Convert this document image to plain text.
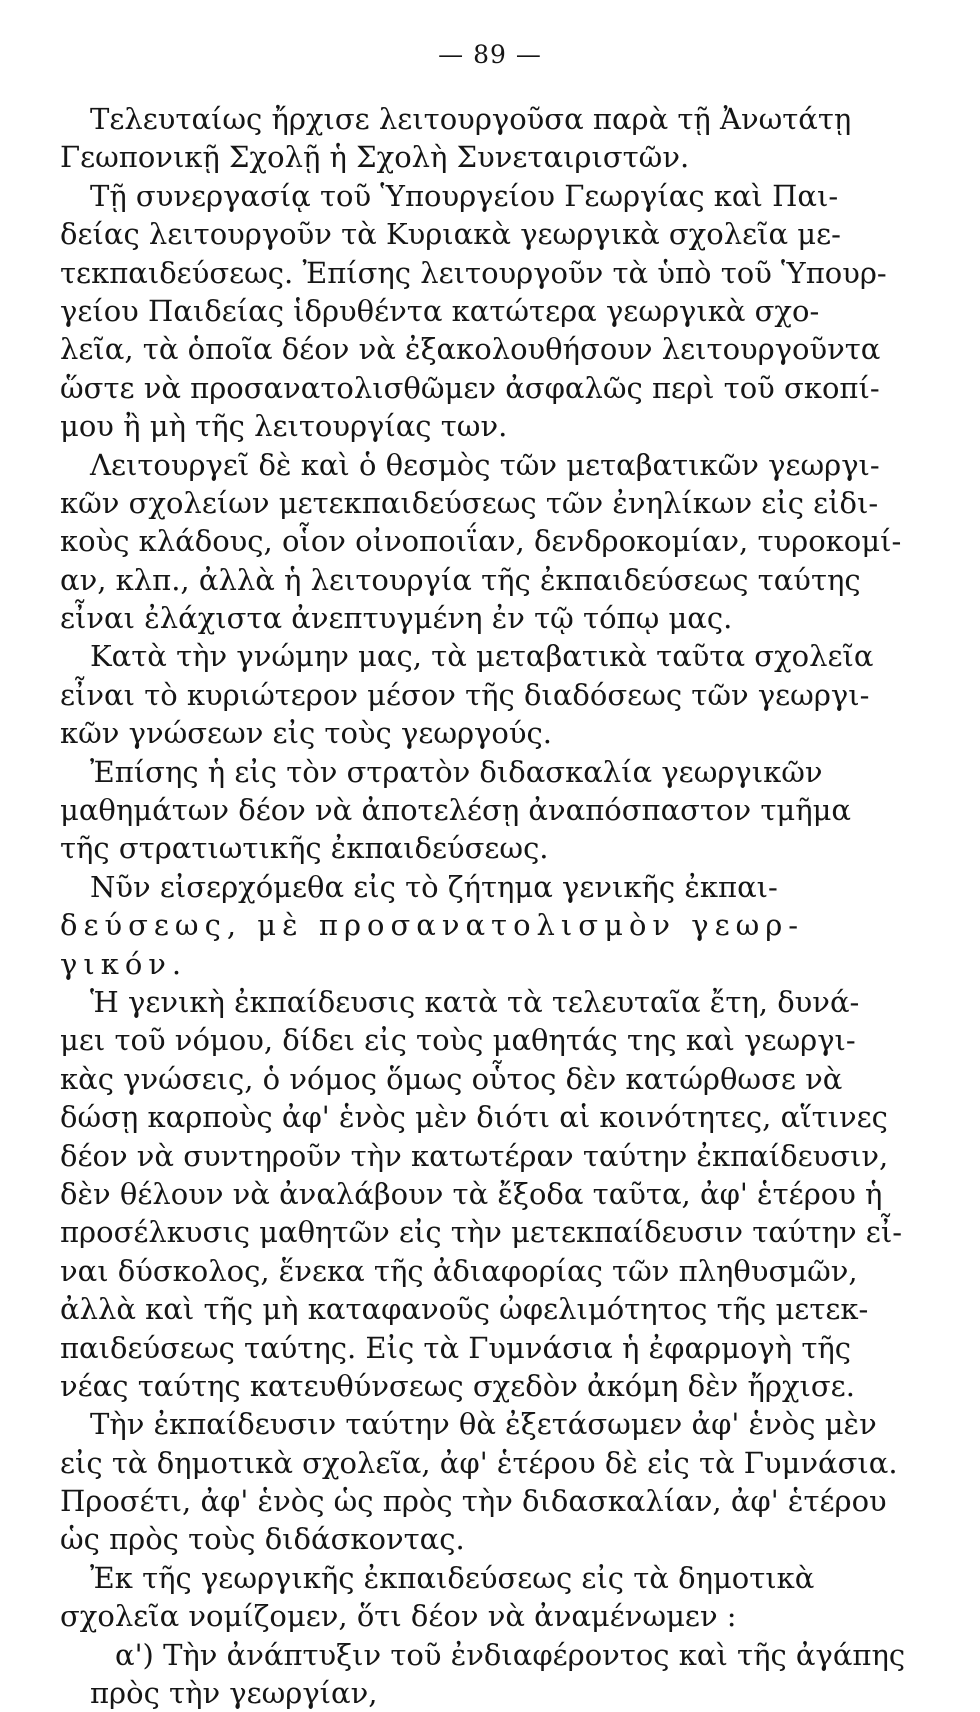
— 89 —
Τελευταίως ἤρχισε λειτουργοῦσα παρὰ τῇ Ἀνωτάτῃ
Γεωπονικῇ Σχολῇ ἡ Σχολὴ Συνεταιριστῶν.
Τῇ συνεργασίᾳ τοῦ Ὑπουργείου Γεωργίας καὶ Παι-
δείας λειτουργοῦν τὰ Κυριακὰ γεωργικὰ σχολεῖα με-
τεκπαιδεύσεως. Ἐπίσης λειτουργοῦν τὰ ὑπὸ τοῦ Ὑπουρ-
γείου Παιδείας ἱδρυθέντα κατώτερα γεωργικὰ σχο-
λεῖα, τὰ ὁποῖα δέον νὰ ἐξακολουθήσουν λειτουργοῦντα
ὥστε νὰ προσανατολισθῶμεν ἀσφαλῶς περὶ τοῦ σκοπί-
μου ἢ μὴ τῆς λειτουργίας των.
Λειτουργεῖ δὲ καὶ ὁ θεσμὸς τῶν μεταβατικῶν γεωργι-
κῶν σχολείων μετεκπαιδεύσεως τῶν ἐνηλίκων εἰς εἰδι-
κοὺς κλάδους, οἷον οἰνοποιΐαν, δενδροκομίαν, τυροκομί-
αν, κλπ., ἀλλὰ ἡ λειτουργία τῆς ἐκπαιδεύσεως ταύτης
εἶναι ἐλάχιστα ἀνεπτυγμένη ἐν τῷ τόπῳ μας.
Κατὰ τὴν γνώμην μας, τὰ μεταβατικὰ ταῦτα σχολεῖα
εἶναι τὸ κυριώτερον μέσον τῆς διαδόσεως τῶν γεωργι-
κῶν γνώσεων εἰς τοὺς γεωργούς.
Ἐπίσης ἡ εἰς τὸν στρατὸν διδασκαλία γεωργικῶν
μαθημάτων δέον νὰ ἀποτελέσῃ ἀναπόσπαστον τμῆμα
τῆς στρατιωτικῆς ἐκπαιδεύσεως.
Νῦν εἰσερχόμεθα εἰς τὸ ζήτημα γενικῆς ἐκπαι-
δεύσεως, μὲ προσανατολισμὸν γεωρ-
γικόν.
Ἡ γενικὴ ἐκπαίδευσις κατὰ τὰ τελευταῖα ἔτη, δυνά-
μει τοῦ νόμου, δίδει εἰς τοὺς μαθητάς της καὶ γεωργι-
κὰς γνώσεις, ὁ νόμος ὅμως οὗτος δὲν κατώρθωσε νὰ
δώσῃ καρποὺς ἀφ' ἑνὸς μὲν διότι αἱ κοινότητες, αἵτινες
δέον νὰ συντηροῦν τὴν κατωτέραν ταύτην ἐκπαίδευσιν,
δὲν θέλουν νὰ ἀναλάβουν τὰ ἔξοδα ταῦτα, ἀφ' ἑτέρου ἡ
προσέλκυσις μαθητῶν εἰς τὴν μετεκπαίδευσιν ταύτην εἶ-
ναι δύσκολος, ἕνεκα τῆς ἀδιαφορίας τῶν πληθυσμῶν,
ἀλλὰ καὶ τῆς μὴ καταφανοῦς ὠφελιμότητος τῆς μετεκ-
παιδεύσεως ταύτης. Εἰς τὰ Γυμνάσια ἡ ἐφαρμογὴ τῆς
νέας ταύτης κατευθύνσεως σχεδὸν ἀκόμη δὲν ἤρχισε.
Τὴν ἐκπαίδευσιν ταύτην θὰ ἐξετάσωμεν ἀφ' ἑνὸς μὲν
εἰς τὰ δημοτικὰ σχολεῖα, ἀφ' ἑτέρου δὲ εἰς τὰ Γυμνάσια.
Προσέτι, ἀφ' ἑνὸς ὡς πρὸς τὴν διδασκαλίαν, ἀφ' ἑτέρου
ὡς πρὸς τοὺς διδάσκοντας.
Ἐκ τῆς γεωργικῆς ἐκπαιδεύσεως εἰς τὰ δημοτικὰ
σχολεῖα νομίζομεν, ὅτι δέον νὰ ἀναμένωμεν :
α') Τὴν ἀνάπτυξιν τοῦ ἐνδιαφέροντος καὶ τῆς ἀγάπης
πρὸς τὴν γεωργίαν,
